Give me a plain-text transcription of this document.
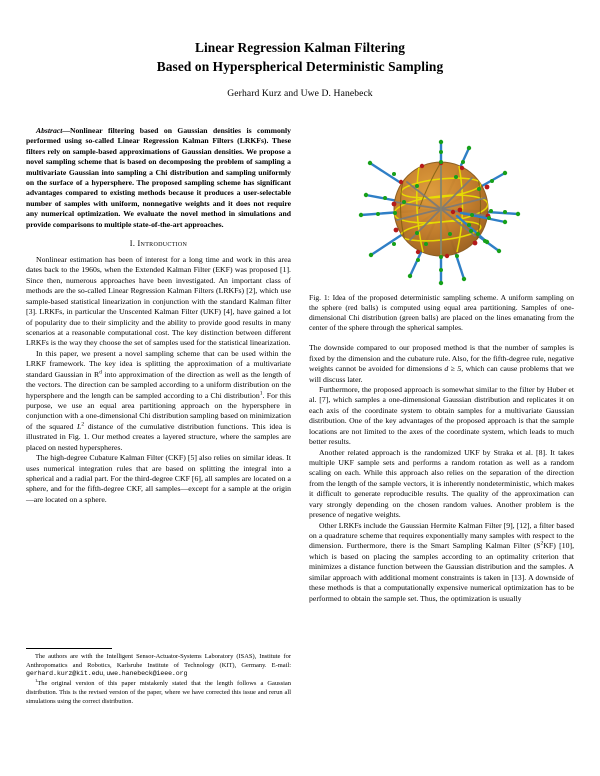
Linear Regression Kalman Filtering
Based on Hyperspherical Deterministic Sampling
Gerhard Kurz and Uwe D. Hanebeck

Abstract—Nonlinear filtering based on Gaussian densities is commonly performed using so-called Linear Regression Kalman Filters (LRKFs). These filters rely on sample-based approximations of Gaussian densities. We propose a novel sampling scheme that is based on decomposing the problem of sampling a multivariate Gaussian into sampling a Chi distribution and sampling uniformly on the surface of a hypersphere. The proposed sampling scheme has significant advantages compared to existing methods because it produces a user-selectable number of samples with uniform, nonnegative weights and it does not require any numerical optimization. We evaluate the novel method in simulations and provide comparisons to multiple state-of-the-art approaches.

I. Introduction

Nonlinear estimation has been of interest for a long time and work in this area dates back to the 1960s, when the Extended Kalman Filter (EKF) was proposed [1]. Since then, numerous approaches have been investigated. An important class of methods are the so-called Linear Regression Kalman Filters (LRKFs) [2], which use sample-based statistical linearization in conjunction with the standard Kalman filter [3]. LRKFs, in particular the Unscented Kalman Filter (UKF) [4], have gained a lot of popularity due to their simplicity and the ability to provide good results in many scenarios at a reasonable computational cost. The key distinction between different LRKFs is the way they choose the set of samples used for the statistical linearization.

In this paper, we present a novel sampling scheme that can be used within the LRKF framework. The key idea is splitting the approximation of a multivariate standard Gaussian in $R^d$ into approximation of the direction as well as the length of the vectors. The direction can be sampled according to a uniform distribution on the hypersphere and the length can be sampled according to a Chi distribution$^1$. For this purpose, we use an equal area partitioning approach on the hypersphere in conjunction with a one-dimensional Chi distribution sampling based on minimization of the squared $L^2$ distance of the cumulative distribution functions. This idea is illustrated in Fig. 1. Our method creates a layered structure, where the samples are placed on nested hyperspheres.

The high-degree Cubature Kalman Filter (CKF) [5] also relies on similar ideas. It uses numerical integration rules that are based on splitting the integral into a spherical and a radial part. For the third-degree CKF [6], all samples are located on a sphere, and for the fifth-degree CKF, all samples—except for a sample at the origin—are located on a sphere.

Fig. 1: Idea of the proposed deterministic sampling scheme. A uniform sampling on the sphere (red balls) is computed using equal area partitioning. Samples of one-dimensional Chi distribution (green balls) are placed on the lines emanating from the center of the sphere through the spherical samples.

The downside compared to our proposed method is that the number of samples is fixed by the dimension and the cubature rule. Also, for the fifth-degree rule, negative weights cannot be avoided for dimensions d ≥ 5, which can cause problems that we will discuss later.

Furthermore, the proposed approach is somewhat similar to the filter by Huber et al. [7], which samples a one-dimensional Gaussian distribution and replicates it on each axis of the coordinate system to obtain samples for a multivariate Gaussian distribution. One of the key advantages of the proposed approach is that the sample locations are not limited to the axes of the coordinate system, which leads to much better results.

Another related approach is the randomized UKF by Straka et al. [8]. It takes multiple UKF sample sets and performs a random rotation as well as a random scaling on each. While this approach also relies on the separation of the direction from the length of the sample vectors, it is inherently nondeterministic, which makes it difficult to generate reproducible results. The quality of the approximation can vary strongly depending on the chosen random values. Another problem is the presence of negative weights.

Other LRKFs include the Gaussian Hermite Kalman Filter [9], [12], a filter based on a quadrature scheme that requires exponentially many samples with respect to the dimension. Furthermore, there is the Smart Sampling Kalman Filter $(S^2KF)$ [10], which is based on placing the samples according to an optimality criterion that minimizes a distance function between the Gaussian distribution and the samples. A similar approach with additional moment constraints is taken in [13]. A downside of these methods is that a computationally expensive numerical optimization has to be performed to obtain the sample set. Thus, the optimization is usually

The authors are with the Intelligent Sensor-Actuator-Systems Laboratory (ISAS), Institute for Anthropomatics and Robotics, Karlsruhe Institute of Technology (KIT), Germany. E-mail: gerhard.kurz@kit.edu, uwe.hanebeck@ieee.org

$^1$The original version of this paper mistakenly stated that the length follows a Gaussian distribution. This is the revised version of the paper, where we have corrected this issue and rerun all simulations using the correct distribution.
